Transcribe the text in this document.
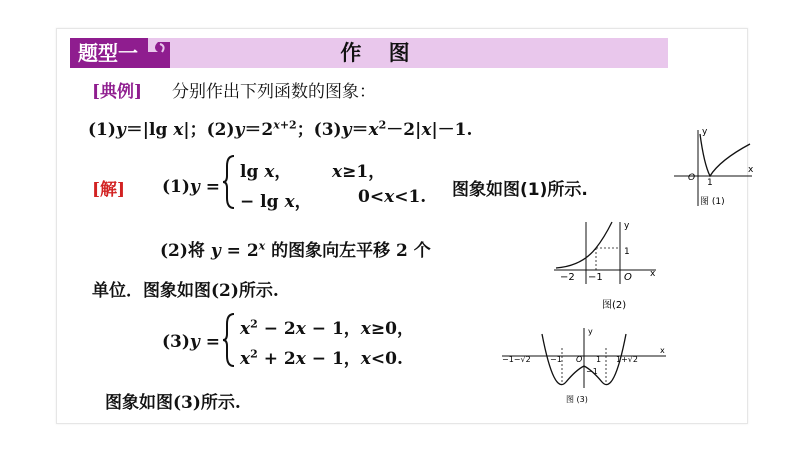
题型一	作 图
[典例] 分别作出下列函数的图象：
(1)y＝|lg x|；$(2)y=2^{x+2}$；$(3)y=x^2-2|x|-1$.
[解] (1)y =
lg x， x≥1，
− lg x，	0<x<1. 图象如图(1)所示.
(2)将 $y = 2^x$ 的图象向左平移 2 个
单位．图象如图(2)所示.
(3)y =
$x^2 - 2x - 1$，x≥0，
$x^2 + 2x - 1$，x<0.
图象如图(3)所示.
y
x
O 1
图 (1)
y
x
1
−2 −1 O
图(2)
y
x
−1−√2 −1 O 1 1+√2
−1
图 (3)
